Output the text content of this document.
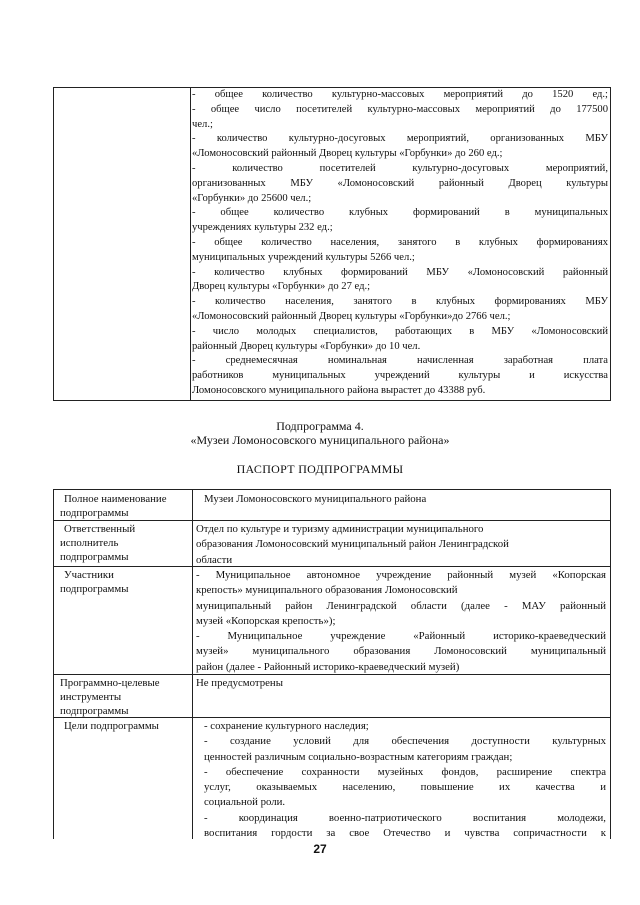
- общее количество культурно-массовых мероприятий до 1520 ед.;
- общее число посетителей культурно-массовых мероприятий до 177500
чел.;
- количество культурно-досуговых мероприятий, организованных МБУ
«Ломоносовский районный Дворец культуры «Горбунки» до 260 ед.;
- количество посетителей культурно-досуговых мероприятий,
организованных МБУ «Ломоносовский районный Дворец культуры
«Горбунки» до 25600 чел.;
- общее количество клубных формирований в муниципальных
учреждениях культуры 232 ед.;
- общее количество населения, занятого в клубных формированиях
муниципальных учреждений культуры 5266 чел.;
- количество клубных формирований МБУ «Ломоносовский районный
Дворец культуры «Горбунки» до 27 ед.;
- количество населения, занятого в клубных формированиях МБУ
«Ломоносовский районный Дворец культуры «Горбунки»до 2766 чел.;
- число молодых специалистов, работающих в МБУ «Ломоносовский
районный Дворец культуры «Горбунки» до 10 чел.
- среднемесячная номинальная начисленная заработная плата
работников муниципальных учреждений культуры и искусства
Ломоносовского муниципального района вырастет до 43388 руб.
Подпрограмма 4.
«Музеи Ломоносовского муниципального района»
ПАСПОРТ ПОДПРОГРАММЫ
Полное наименование
подпрограммы
Музеи Ломоносовского муниципального района
Ответственный
исполнитель
подпрограммы
Отдел по культуре и туризму администрации муниципального
образования Ломоносовский муниципальный район Ленинградской
области
Участники
подпрограммы
- Муниципальное автономное учреждение районный музей «Копорская
крепость» муниципального образования Ломоносовский
муниципальный район Ленинградской области (далее - МАУ районный
музей «Копорская крепость»);
- Муниципальное учреждение «Районный историко-краеведческий
музей» муниципального образования Ломоносовский муниципальный
район (далее - Районный историко-краеведческий музей)
Программно-целевые
инструменты
подпрограммы
Не предусмотрены
Цели подпрограммы	- сохранение культурного наследия;
- создание условий для обеспечения доступности культурных
ценностей различным социально-возрастным категориям граждан;
- обеспечение сохранности музейных фондов, расширение спектра
услуг, оказываемых населению, повышение их качества и
социальной роли.
- координация военно-патриотического воспитания молодежи,
воспитания гордости за свое Отечество и чувства сопричастности к
27
